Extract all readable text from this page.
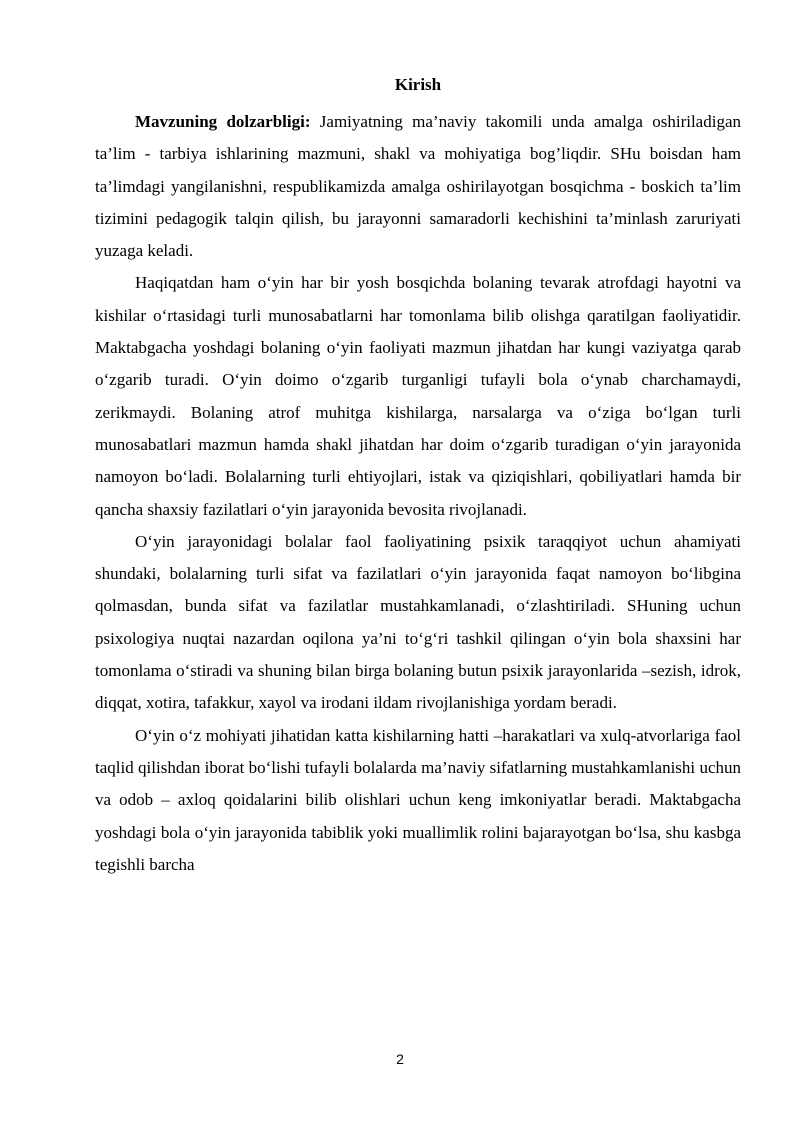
Kirish

Mavzuning dolzarbligi: Jamiyatning ma’naviy takomili unda amalga oshiriladigan ta’lim - tarbiya ishlarining mazmuni, shakl va mohiyatiga bog’liqdir. SHu boisdan ham ta’limdagi yangilanishni, respublikamizda amalga oshirilayotgan bosqichma - boskich ta’lim tizimini pedagogik talqin qilish, bu jarayonni samaradorli kechishini ta’minlash zaruriyati yuzaga keladi.

Haqiqatdan ham o‘yin har bir yosh bosqichda bolaning tevarak atrofdagi hayotni va kishilar o‘rtasidagi turli munosabatlarni har tomonlama bilib olishga qaratilgan faoliyatidir. Maktabgacha yoshdagi bolaning o‘yin faoliyati mazmun jihatdan har kungi vaziyatga qarab o‘zgarib turadi. O‘yin doimo o‘zgarib turganligi tufayli bola o‘ynab charchamaydi, zerikmaydi. Bolaning atrof muhitga kishilarga, narsalarga va o‘ziga bo‘lgan turli munosabatlari mazmun hamda shakl jihatdan har doim o‘zgarib turadigan o‘yin jarayonida namoyon bo‘ladi. Bolalarning turli ehtiyojlari, istak va qiziqishlari, qobiliyatlari hamda bir qancha shaxsiy fazilatlari o‘yin jarayonida bevosita rivojlanadi.

O‘yin jarayonidagi bolalar faol faoliyatining psixik taraqqiyot uchun ahamiyati shundaki, bolalarning turli sifat va fazilatlari o‘yin jarayonida faqat namoyon bo‘libgina qolmasdan, bunda sifat va fazilatlar mustahkamlanadi, o‘zlashtiriladi. SHuning uchun psixologiya nuqtai nazardan oqilona ya’ni to‘g‘ri tashkil qilingan o‘yin bola shaxsini har tomonlama o‘stiradi va shuning bilan birga bolaning butun psixik jarayonlarida –sezish, idrok, diqqat, xotira, tafakkur, xayol va irodani ildam rivojlanishiga yordam beradi.

O‘yin o‘z mohiyati jihatidan katta kishilarning hatti –harakatlari va xulq-atvorlariga faol taqlid qilishdan iborat bo‘lishi tufayli bolalarda ma’naviy sifatlarning mustahkamlanishi uchun va odob – axloq qoidalarini bilib olishlari uchun keng imkoniyatlar beradi. Maktabgacha yoshdagi bola o‘yin jarayonida tabiblik yoki muallimlik rolini bajarayotgan bo‘lsa, shu kasbga tegishli barcha

2
